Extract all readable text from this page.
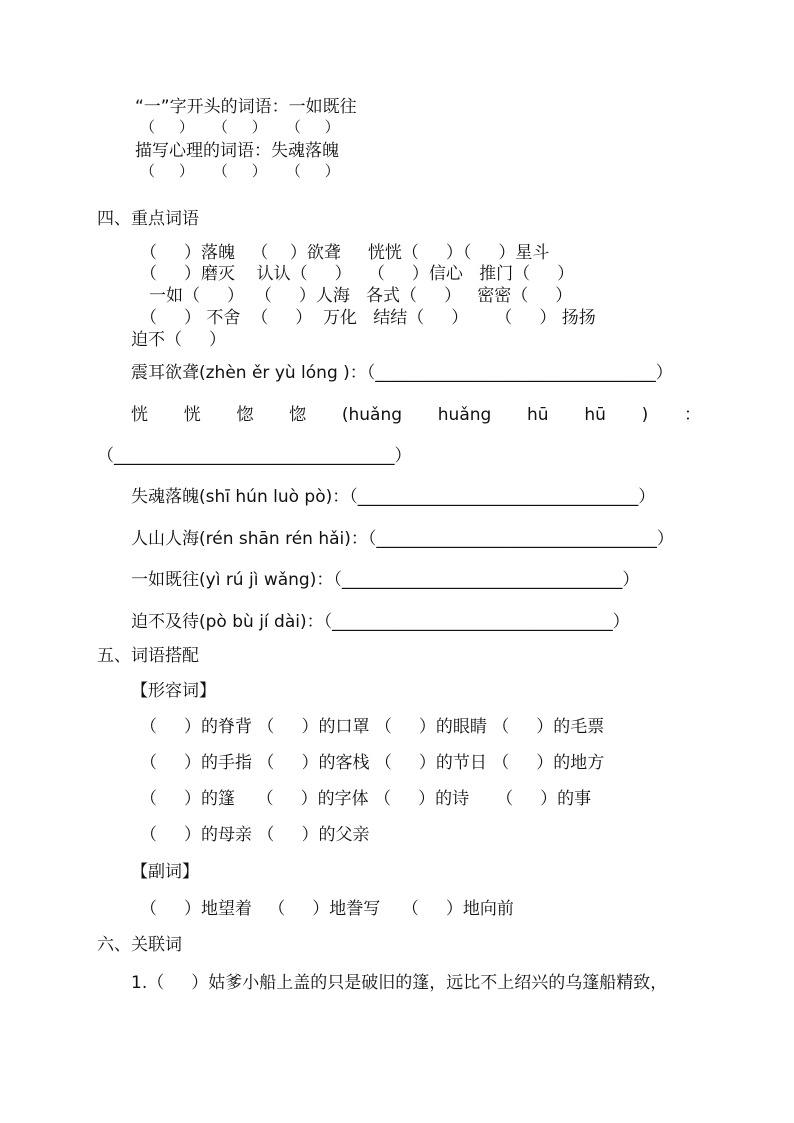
“一”字开头的词语：一如既往
（     ）    （     ）    （     ）
描写心理的词语：失魂落魄
（     ）    （     ）    （     ）
四、重点词语
（     ）落魄   （    ）欲聋     恍恍（     ）（     ）星斗
（     ）磨灭    认认（     ）   （     ）信心   推门（     ）
一如（     ）  （     ）人海   各式（     ）   密密（     ）
（     ） 不舍  （     ）  万化   结结（     ）     （     ） 扬扬
迫不（     ）
震耳欲聋(zhèn ěr yù lóng )：（_________________________________）
恍 恍 惚 惚 (huǎng huǎng hū hū ) ：
（_________________________________）
失魂落魄(shī hún luò pò)：（_________________________________）
人山人海(rén shān rén hǎi)：（_________________________________）
一如既往(yì rú jì wǎng)：（_________________________________）
迫不及待(pò bù jí dài)：（_________________________________）
五、词语搭配
【形容词】
（     ）的脊背 （     ）的口罩 （     ）的眼睛 （     ）的毛票
（     ）的手指 （     ）的客栈 （     ）的节日 （     ）的地方
（     ）的篷    （     ）的字体 （     ）的诗     （     ）的事
（     ）的母亲 （     ）的父亲
【副词】
（     ）地望着   （     ）地誊写    （     ）地向前
六、关联词
1.（     ）姑爹小船上盖的只是破旧的篷，远比不上绍兴的乌篷船精致，
